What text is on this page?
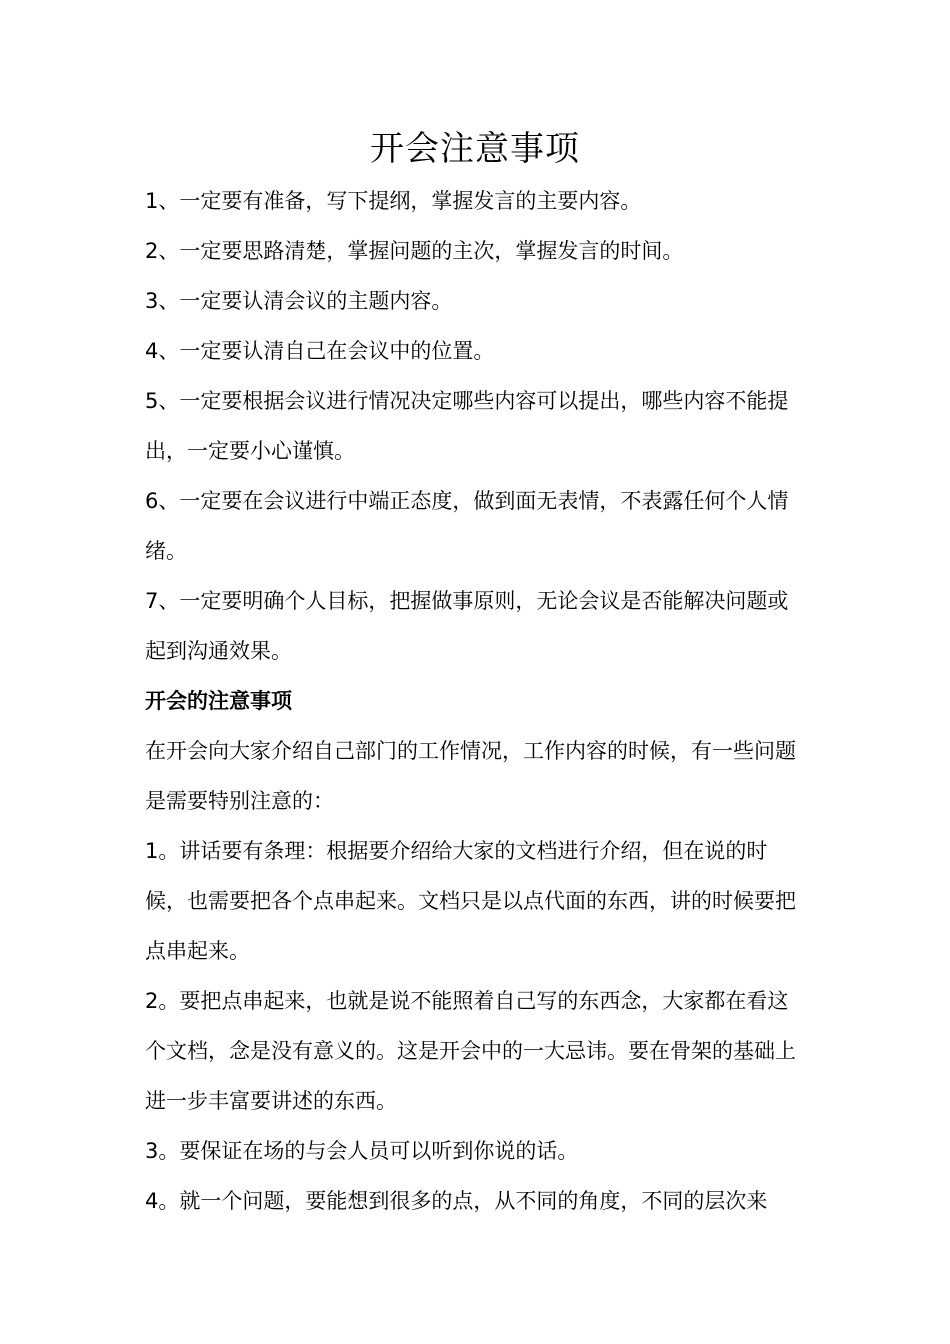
开会注意事项

1、一定要有准备，写下提纲，掌握发言的主要内容。

2、一定要思路清楚，掌握问题的主次，掌握发言的时间。

3、一定要认清会议的主题内容。

4、一定要认清自己在会议中的位置。

5、一定要根据会议进行情况决定哪些内容可以提出，哪些内容不能提出，一定要小心谨慎。

6、一定要在会议进行中端正态度，做到面无表情，不表露任何个人情绪。

7、一定要明确个人目标，把握做事原则，无论会议是否能解决问题或起到沟通效果。

开会的注意事项

在开会向大家介绍自己部门的工作情况，工作内容的时候，有一些问题是需要特别注意的：

1。讲话要有条理：根据要介绍给大家的文档进行介绍，但在说的时候，也需要把各个点串起来。文档只是以点代面的东西，讲的时候要把点串起来。

2。要把点串起来，也就是说不能照着自己写的东西念，大家都在看这个文档，念是没有意义的。这是开会中的一大忌讳。要在骨架的基础上进一步丰富要讲述的东西。

3。要保证在场的与会人员可以听到你说的话。

4。就一个问题，要能想到很多的点，从不同的角度，不同的层次来
